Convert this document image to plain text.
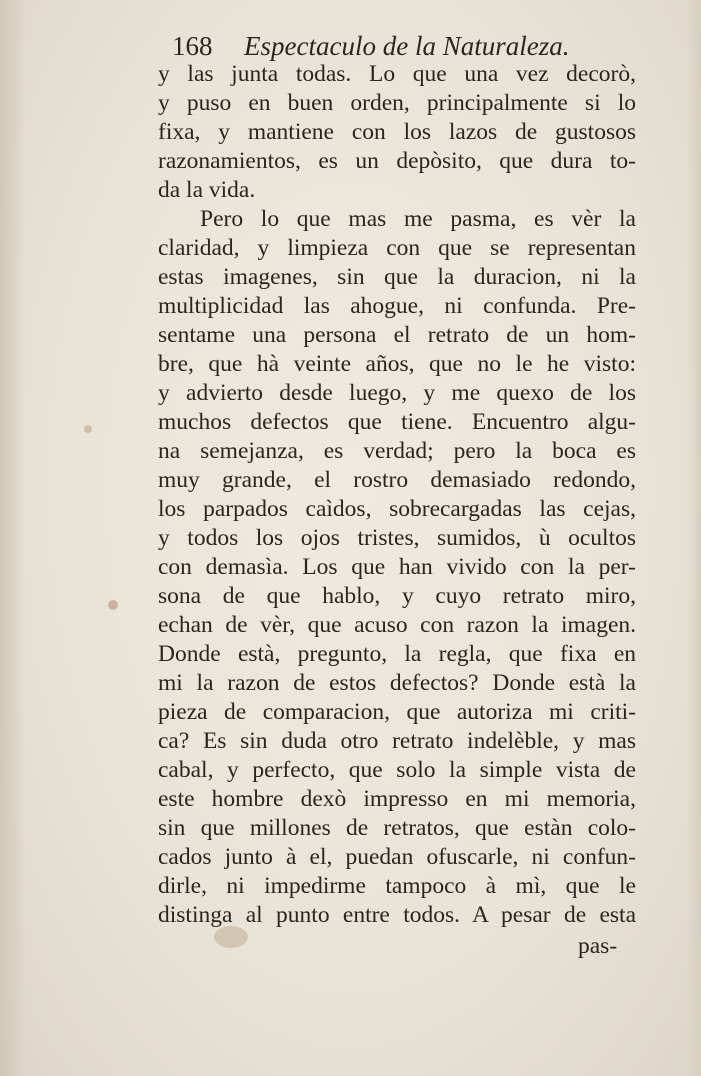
168 Espectaculo de la Naturaleza.
y las junta todas. Lo que una vez decorò,
y puso en buen orden, principalmente si lo
fixa, y mantiene con los lazos de gustosos
razonamientos, es un depòsito, que dura to-
da la vida.
Pero lo que mas me pasma, es vèr la
claridad, y limpieza con que se representan
estas imagenes, sin que la duracion, ni la
multiplicidad las ahogue, ni confunda. Pre-
sentame una persona el retrato de un hom-
bre, que hà veinte años, que no le he visto:
y advierto desde luego, y me quexo de los
muchos defectos que tiene. Encuentro algu-
na semejanza, es verdad; pero la boca es
muy grande, el rostro demasiado redondo,
los parpados caìdos, sobrecargadas las cejas,
y todos los ojos tristes, sumidos, ù ocultos
con demasìa. Los que han vivido con la per-
sona de que hablo, y cuyo retrato miro,
echan de vèr, que acuso con razon la imagen.
Donde està, pregunto, la regla, que fixa en
mi la razon de estos defectos? Donde està la
pieza de comparacion, que autoriza mi criti-
ca? Es sin duda otro retrato indelèble, y mas
cabal, y perfecto, que solo la simple vista de
este hombre dexò impresso en mi memoria,
sin que millones de retratos, que estàn colo-
cados junto à el, puedan ofuscarle, ni confun-
dirle, ni impedirme tampoco à mì, que le
distinga al punto entre todos. A pesar de esta
pas-
